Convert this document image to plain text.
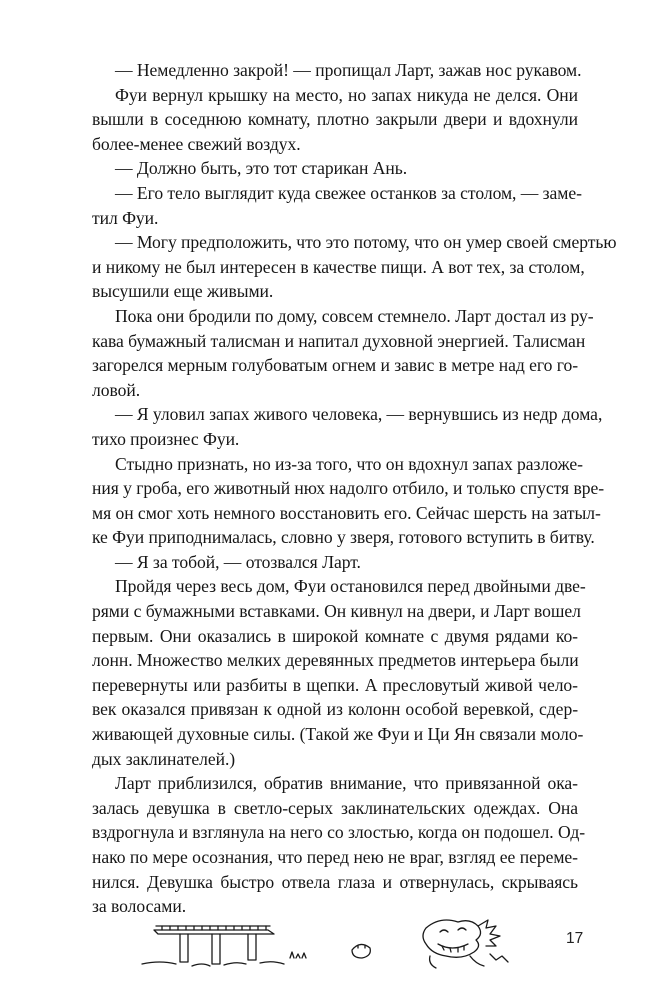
— Немедленно закрой! — пропищал Ларт, зажав нос рукавом.

Фуи вернул крышку на место, но запах никуда не делся. Они
вышли в соседнюю комнату, плотно закрыли двери и вдохнули
более-менее свежий воздух.

— Должно быть, это тот старикан Ань.

— Его тело выглядит куда свежее останков за столом, — заме-
тил Фуи.

— Могу предположить, что это потому, что он умер своей смертью
и никому не был интересен в качестве пищи. А вот тех, за столом,
высушили еще живыми.

Пока они бродили по дому, совсем стемнело. Ларт достал из ру-
кава бумажный талисман и напитал духовной энергией. Талисман
загорелся мерным голубоватым огнем и завис в метре над его го-
ловой.

— Я уловил запах живого человека, — вернувшись из недр дома,
тихо произнес Фуи.

Стыдно признать, но из-за того, что он вдохнул запах разложе-
ния у гроба, его животный нюх надолго отбило, и только спустя вре-
мя он смог хоть немного восстановить его. Сейчас шерсть на затыл-
ке Фуи приподнималась, словно у зверя, готового вступить в битву.

— Я за тобой, — отозвался Ларт.

Пройдя через весь дом, Фуи остановился перед двойными две-
рями с бумажными вставками. Он кивнул на двери, и Ларт вошел
первым. Они оказались в широкой комнате с двумя рядами ко-
лонн. Множество мелких деревянных предметов интерьера были
перевернуты или разбиты в щепки. А пресловутый живой чело-
век оказался привязан к одной из колонн особой веревкой, сдер-
живающей духовные силы. (Такой же Фуи и Ци Ян связали моло-
дых заклинателей.)

Ларт приблизился, обратив внимание, что привязанной ока-
залась девушка в светло-серых заклинательских одеждах. Она
вздрогнула и взглянула на него со злостью, когда он подошел. Од-
нако по мере осознания, что перед нею не враг, взгляд ее переме-
нился. Девушка быстро отвела глаза и отвернулась, скрываясь
за волосами.

17
